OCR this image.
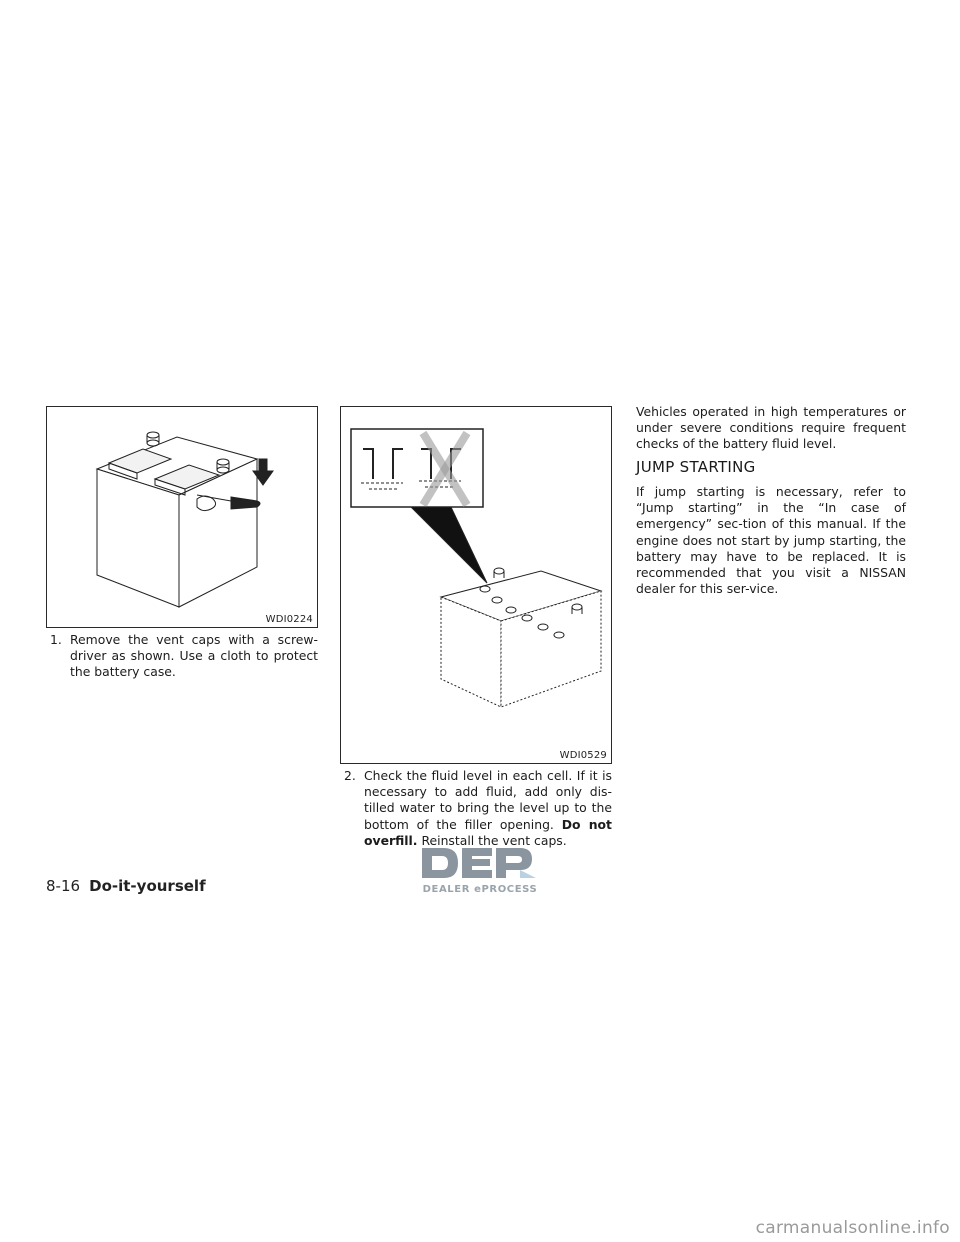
WDI0224
1. Remove the vent caps with a screw-driver as shown. Use a cloth to protect the battery case.
WDI0529
2. Check the fluid level in each cell. If it is necessary to add fluid, add only dis-tilled water to bring the level up to the bottom of the filler opening. Do not overfill. Reinstall the vent caps.
Vehicles operated in high temperatures or under severe conditions require frequent checks of the battery fluid level.
JUMP STARTING
If jump starting is necessary, refer to “Jump starting” in the “In case of emergency” sec-tion of this manual. If the engine does not start by jump starting, the battery may have to be replaced. It is recommended that you visit a NISSAN dealer for this ser-vice.
8-16 Do-it-yourself	DEALER ePROCESS
carmanualsonline.info
